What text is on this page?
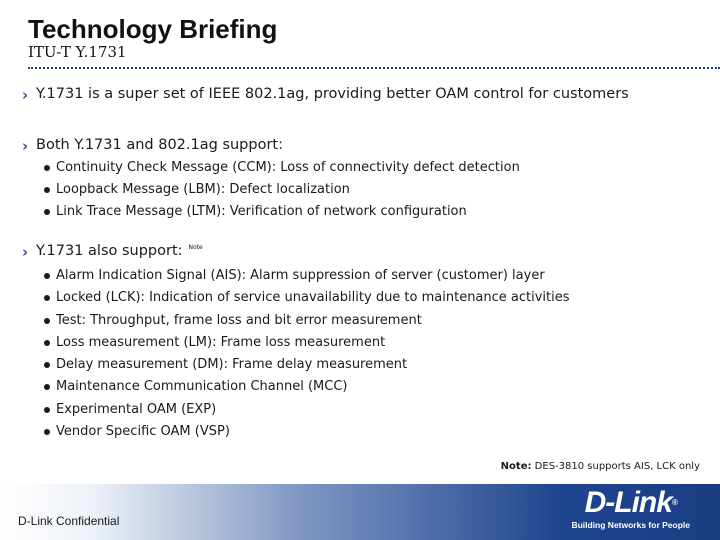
Technology Briefing
ITU-T Y.1731
› Y.1731 is a super set of IEEE 802.1ag, providing better OAM control for customers
› Both Y.1731 and 802.1ag support:
Continuity Check Message (CCM): Loss of connectivity defect detection
Loopback Message (LBM): Defect localization
Link Trace Message (LTM): Verification of network configuration
› Y.1731 also support: $^{Note}$
Alarm Indication Signal (AIS): Alarm suppression of server (customer) layer
Locked (LCK): Indication of service unavailability due to maintenance activities
Test: Throughput, frame loss and bit error measurement
Loss measurement (LM): Frame loss measurement
Delay measurement (DM): Frame delay measurement
Maintenance Communication Channel (MCC)
Experimental OAM (EXP)
Vendor Specific OAM (VSP)
Note: DES-3810 supports AIS, LCK only
D-Link Confidential
D-Link®
Building Networks for People
